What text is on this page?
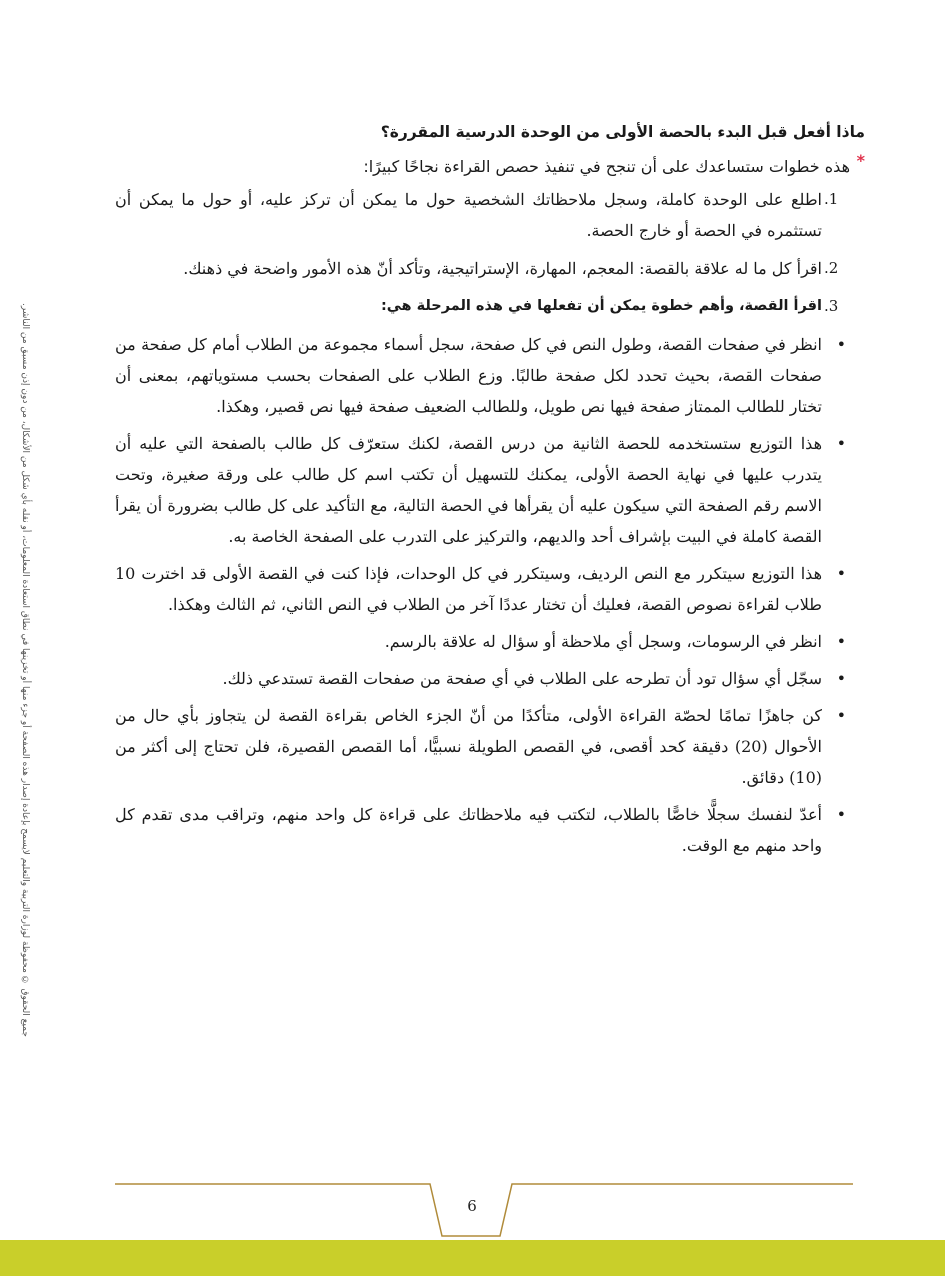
ماذا أفعل قبل البدء بالحصة الأولى من الوحدة الدرسية المقررة؟
*
هذه خطوات ستساعدك على أن تنجح في تنفيذ حصص القراءة نجاحًا كبيرًا:
.1
اطلع على الوحدة كاملة، وسجل ملاحظاتك الشخصية حول ما يمكن أن تركز عليه، أو حول ما يمكن أن تستثمره في الحصة أو خارج الحصة.
.2
اقرأ كل ما له علاقة بالقصة: المعجم، المهارة، الإستراتيجية، وتأكد أنّ هذه الأمور واضحة في ذهنك.
.3
اقرأ القصة، وأهم خطوة يمكن أن تفعلها في هذه المرحلة هي:
•
انظر في صفحات القصة، وطول النص في كل صفحة، سجل أسماء مجموعة من الطلاب أمام كل صفحة من صفحات القصة، بحيث تحدد لكل صفحة طالبًا. وزع الطلاب على الصفحات بحسب مستوياتهم، بمعنى أن تختار للطالب الممتاز صفحة فيها نص طويل، وللطالب الضعيف صفحة فيها نص قصير، وهكذا.
•
هذا التوزيع ستستخدمه للحصة الثانية من درس القصة، لكنك ستعرّف كل طالب بالصفحة التي عليه أن يتدرب عليها في نهاية الحصة الأولى، يمكنك للتسهيل أن تكتب اسم كل طالب على ورقة صغيرة، وتحت الاسم رقم الصفحة التي سيكون عليه أن يقرأها في الحصة التالية، مع التأكيد على كل طالب بضرورة أن يقرأ القصة كاملة في البيت بإشراف أحد والديهم، والتركيز على التدرب على الصفحة الخاصة به.
•
هذا التوزيع سيتكرر مع النص الرديف، وسيتكرر في كل الوحدات، فإذا كنت في القصة الأولى قد اخترت 10 طلاب لقراءة نصوص القصة، فعليك أن تختار عددًا آخر من الطلاب في النص الثاني، ثم الثالث وهكذا.
•
انظر في الرسومات، وسجل أي ملاحظة أو سؤال له علاقة بالرسم.
•
سجّل أي سؤال تود أن تطرحه على الطلاب في أي صفحة من صفحات القصة تستدعي ذلك.
•
كن جاهزًا تمامًا لحصّة القراءة الأولى، متأكدًا من أنّ الجزء الخاص بقراءة القصة لن يتجاوز بأي حال من الأحوال (20) دقيقة كحد أقصى، في القصص الطويلة نسبيًّا، أما القصص القصيرة، فلن تحتاج إلى أكثر من (10) دقائق.
•
أعدّ لنفسك سجلًّا خاصًّا بالطلاب، لتكتب فيه ملاحظاتك على قراءة كل واحد منهم، وتراقب مدى تقدم كل واحد منهم مع الوقت.
جميع الحقوق © محفوظة لوزارة التربية والتعليم لايسمح بإعادة إصدار هذه الصفحة أو جزء منها أو تخزينها في نطاق استعادة المعلومات، أو نقله بأي شكل من الأشكال، من دون إذن مسبق من الناشر.
6
